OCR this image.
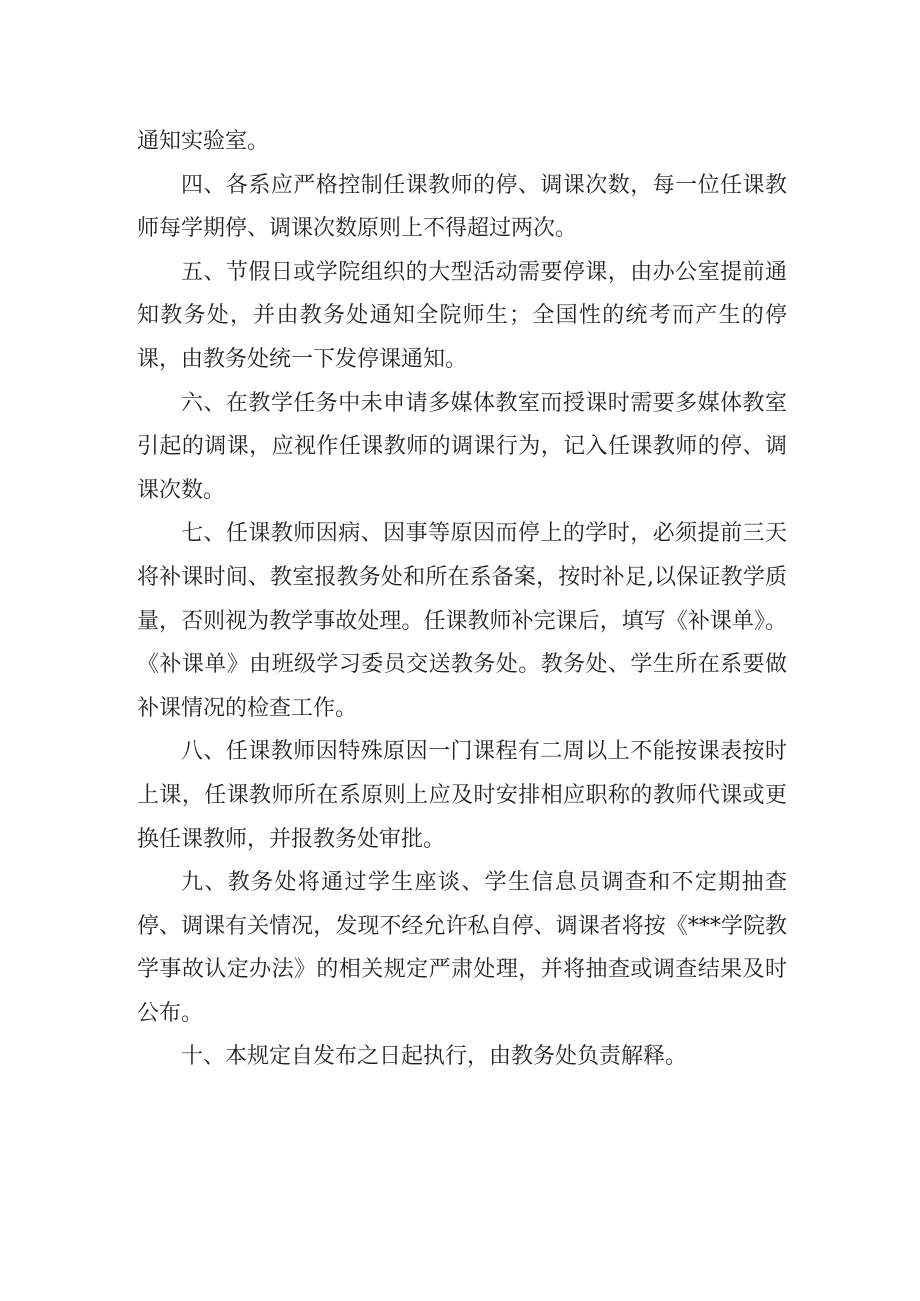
通知实验室。

四、各系应严格控制任课教师的停、调课次数，每一位任课教师每学期停、调课次数原则上不得超过两次。

五、节假日或学院组织的大型活动需要停课，由办公室提前通知教务处，并由教务处通知全院师生；全国性的统考而产生的停课，由教务处统一下发停课通知。

六、在教学任务中未申请多媒体教室而授课时需要多媒体教室引起的调课，应视作任课教师的调课行为，记入任课教师的停、调课次数。

七、任课教师因病、因事等原因而停上的学时，必须提前三天将补课时间、教室报教务处和所在系备案，按时补足,以保证教学质量，否则视为教学事故处理。任课教师补完课后，填写《补课单》。《补课单》由班级学习委员交送教务处。教务处、学生所在系要做补课情况的检查工作。

八、任课教师因特殊原因一门课程有二周以上不能按课表按时上课，任课教师所在系原则上应及时安排相应职称的教师代课或更换任课教师，并报教务处审批。

九、教务处将通过学生座谈、学生信息员调查和不定期抽查停、调课有关情况，发现不经允许私自停、调课者将按《***学院教学事故认定办法》的相关规定严肃处理，并将抽查或调查结果及时公布。

十、本规定自发布之日起执行，由教务处负责解释。
